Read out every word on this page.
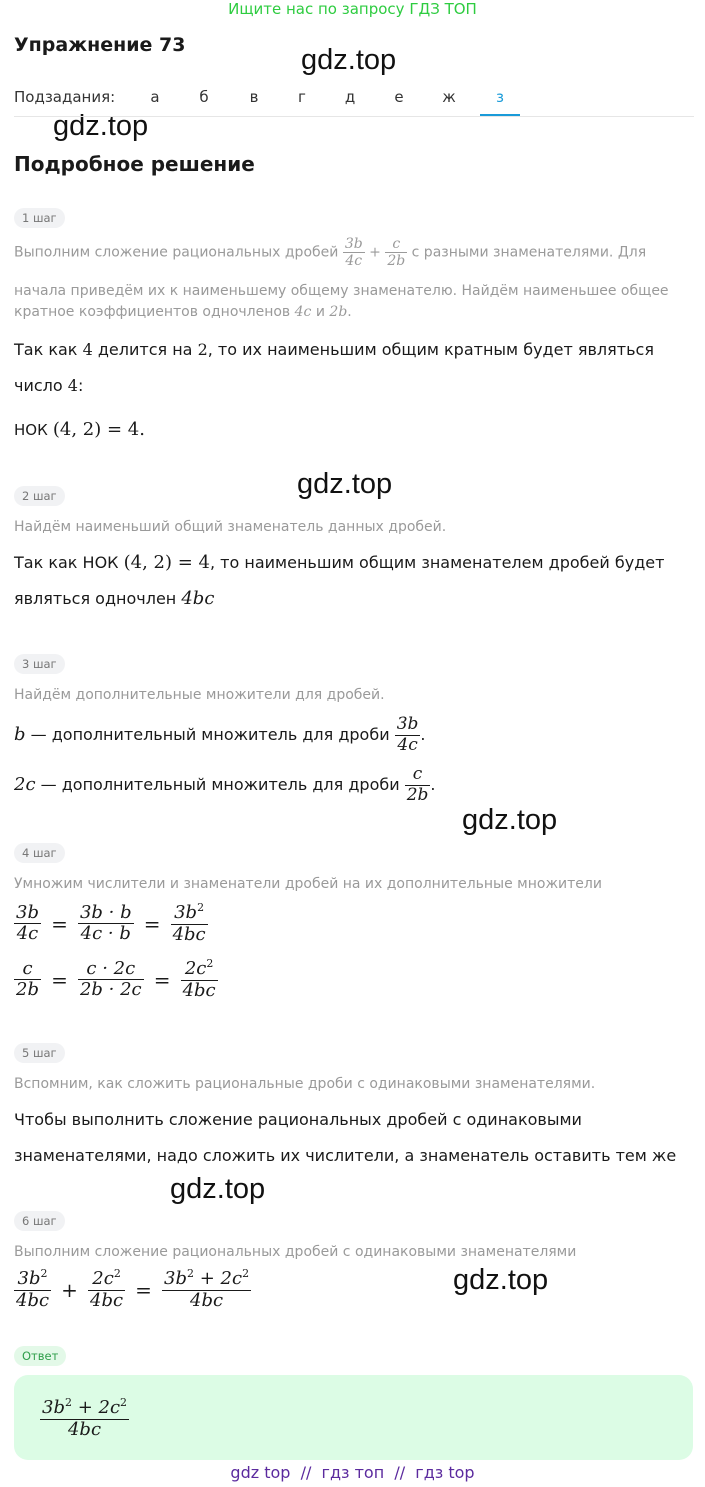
Ищите нас по запросу ГДЗ ТОП
Упражнение 73	gdz.top
gdz.top
gdz.top
gdz.top
gdz.top
gdz.top
Подзадания:	а	б	в	г	д	е	ж	з
Подробное решение
1 шаг
Выполним сложение рациональных дробей $\frac{3b}{4c} + \frac{c}{2b}$ с разными знаменателями. Для
начала приведём их к наименьшему общему знаменателю. Найдём наименьшее общее
кратное коэффициентов одночленов 4c и 2b.
Так как 4 делится на 2, то их наименьшим общим кратным будет являться
число 4:
НОК (4, 2) = 4.
2 шаг
Найдём наименьший общий знаменатель данных дробей.
Так как НОК (4, 2) = 4, то наименьшим общим знаменателем дробей будет
являться одночлен 4bc
3 шаг
Найдём дополнительные множители для дробей.
b — дополнительный множитель для дроби $\frac{3b}{4c}$ .
2c — дополнительный множитель для дроби $\frac{c}{2b}$ .
4 шаг
Умножим числители и знаменатели дробей на их дополнительные множители
$\frac{3b}{4c} = \frac{3b \cdot b}{4c \cdot b} = \frac{3b^2}{4bc}$
$\frac{c}{2b} = \frac{c \cdot 2c}{2b \cdot 2c} = \frac{2c^2}{4bc}$
5 шаг
Вспомним, как сложить рациональные дроби с одинаковыми знаменателями.
Чтобы выполнить сложение рациональных дробей с одинаковыми
знаменателями, надо сложить их числители, а знаменатель оставить тем же
6 шаг
Выполним сложение рациональных дробей с одинаковыми знаменателями
$\frac{3b^2}{4bc} + \frac{2c^2}{4bc} = \frac{3b^2 + 2c^2}{4bc}$
Ответ
$\frac{3b^2 + 2c^2}{4bc}$
gdz top  //  гдз топ  //  гдз top
